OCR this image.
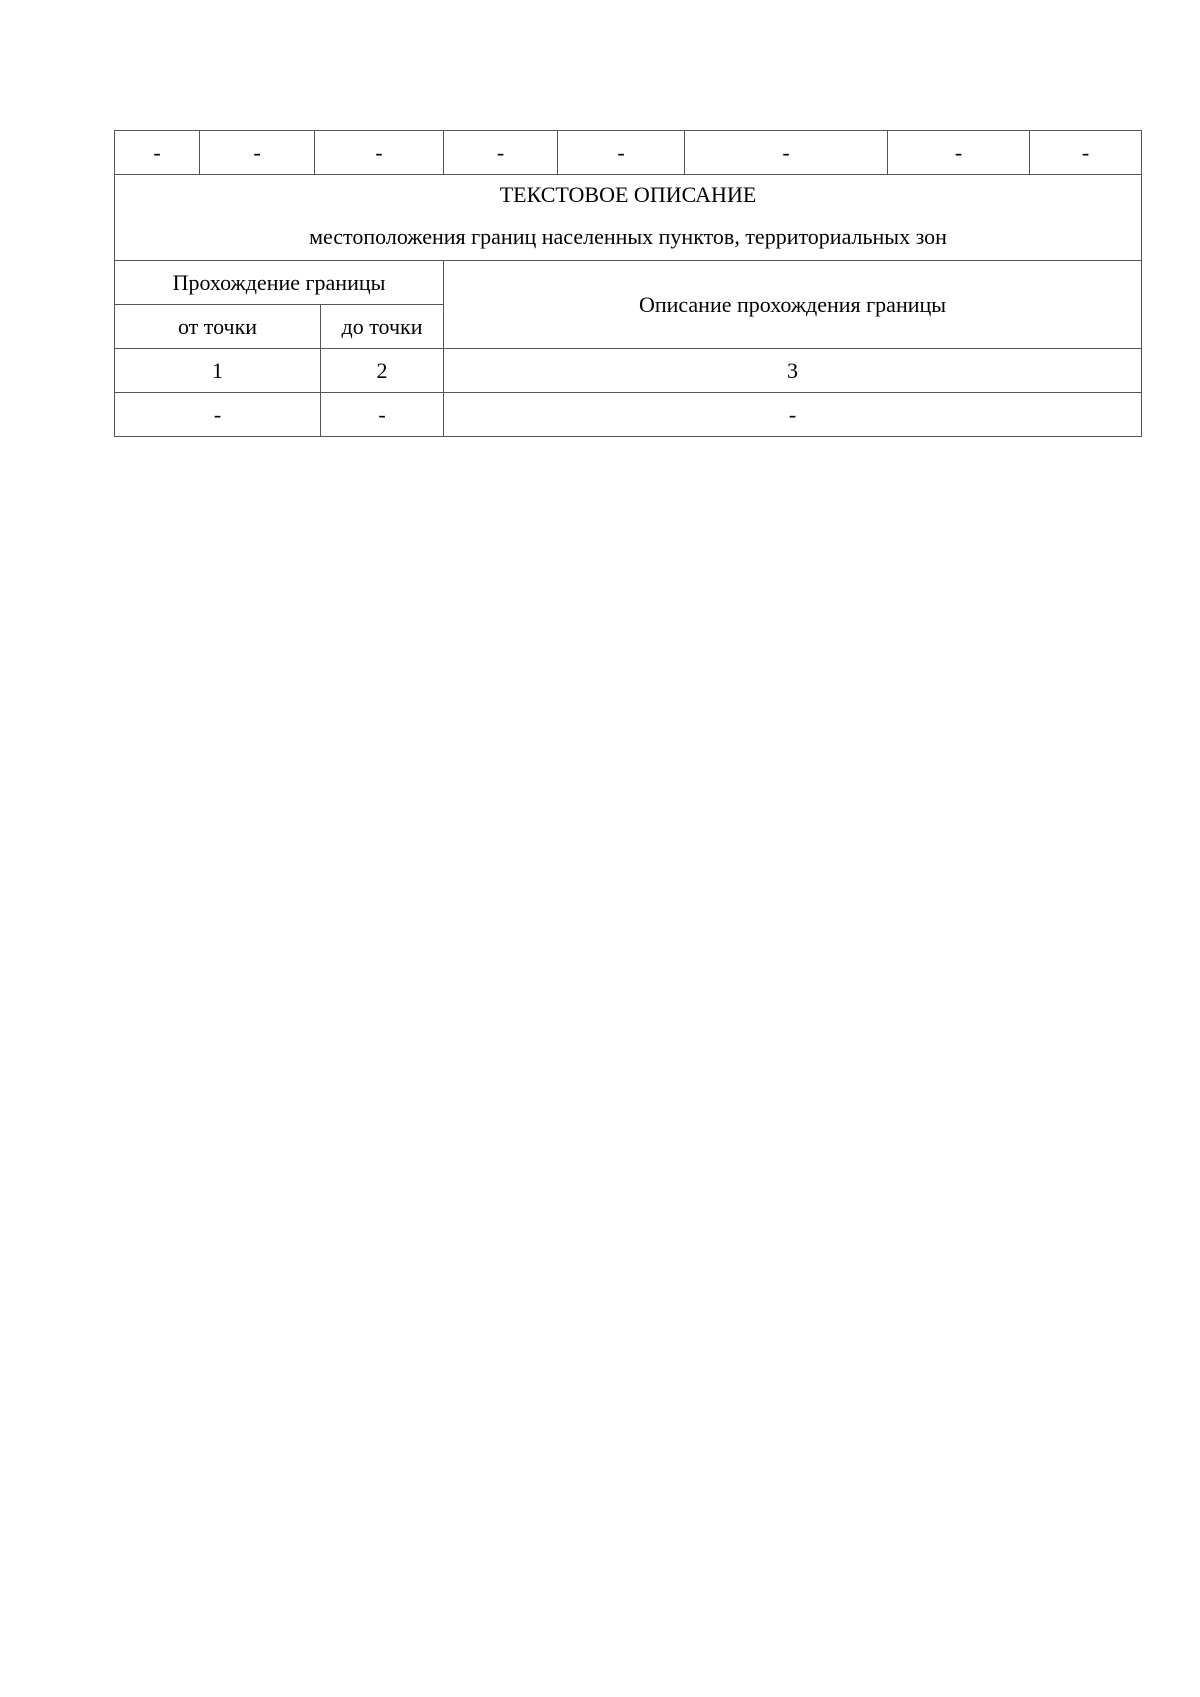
-	-	-	-	-	-	-	-
ТЕКСТОВОЕ ОПИСАНИЕ
местоположения границ населенных пунктов, территориальных зон		

Прохождение границы		Описание прохождения границы
от точки	до точки	
1	2	3
-	-	-
